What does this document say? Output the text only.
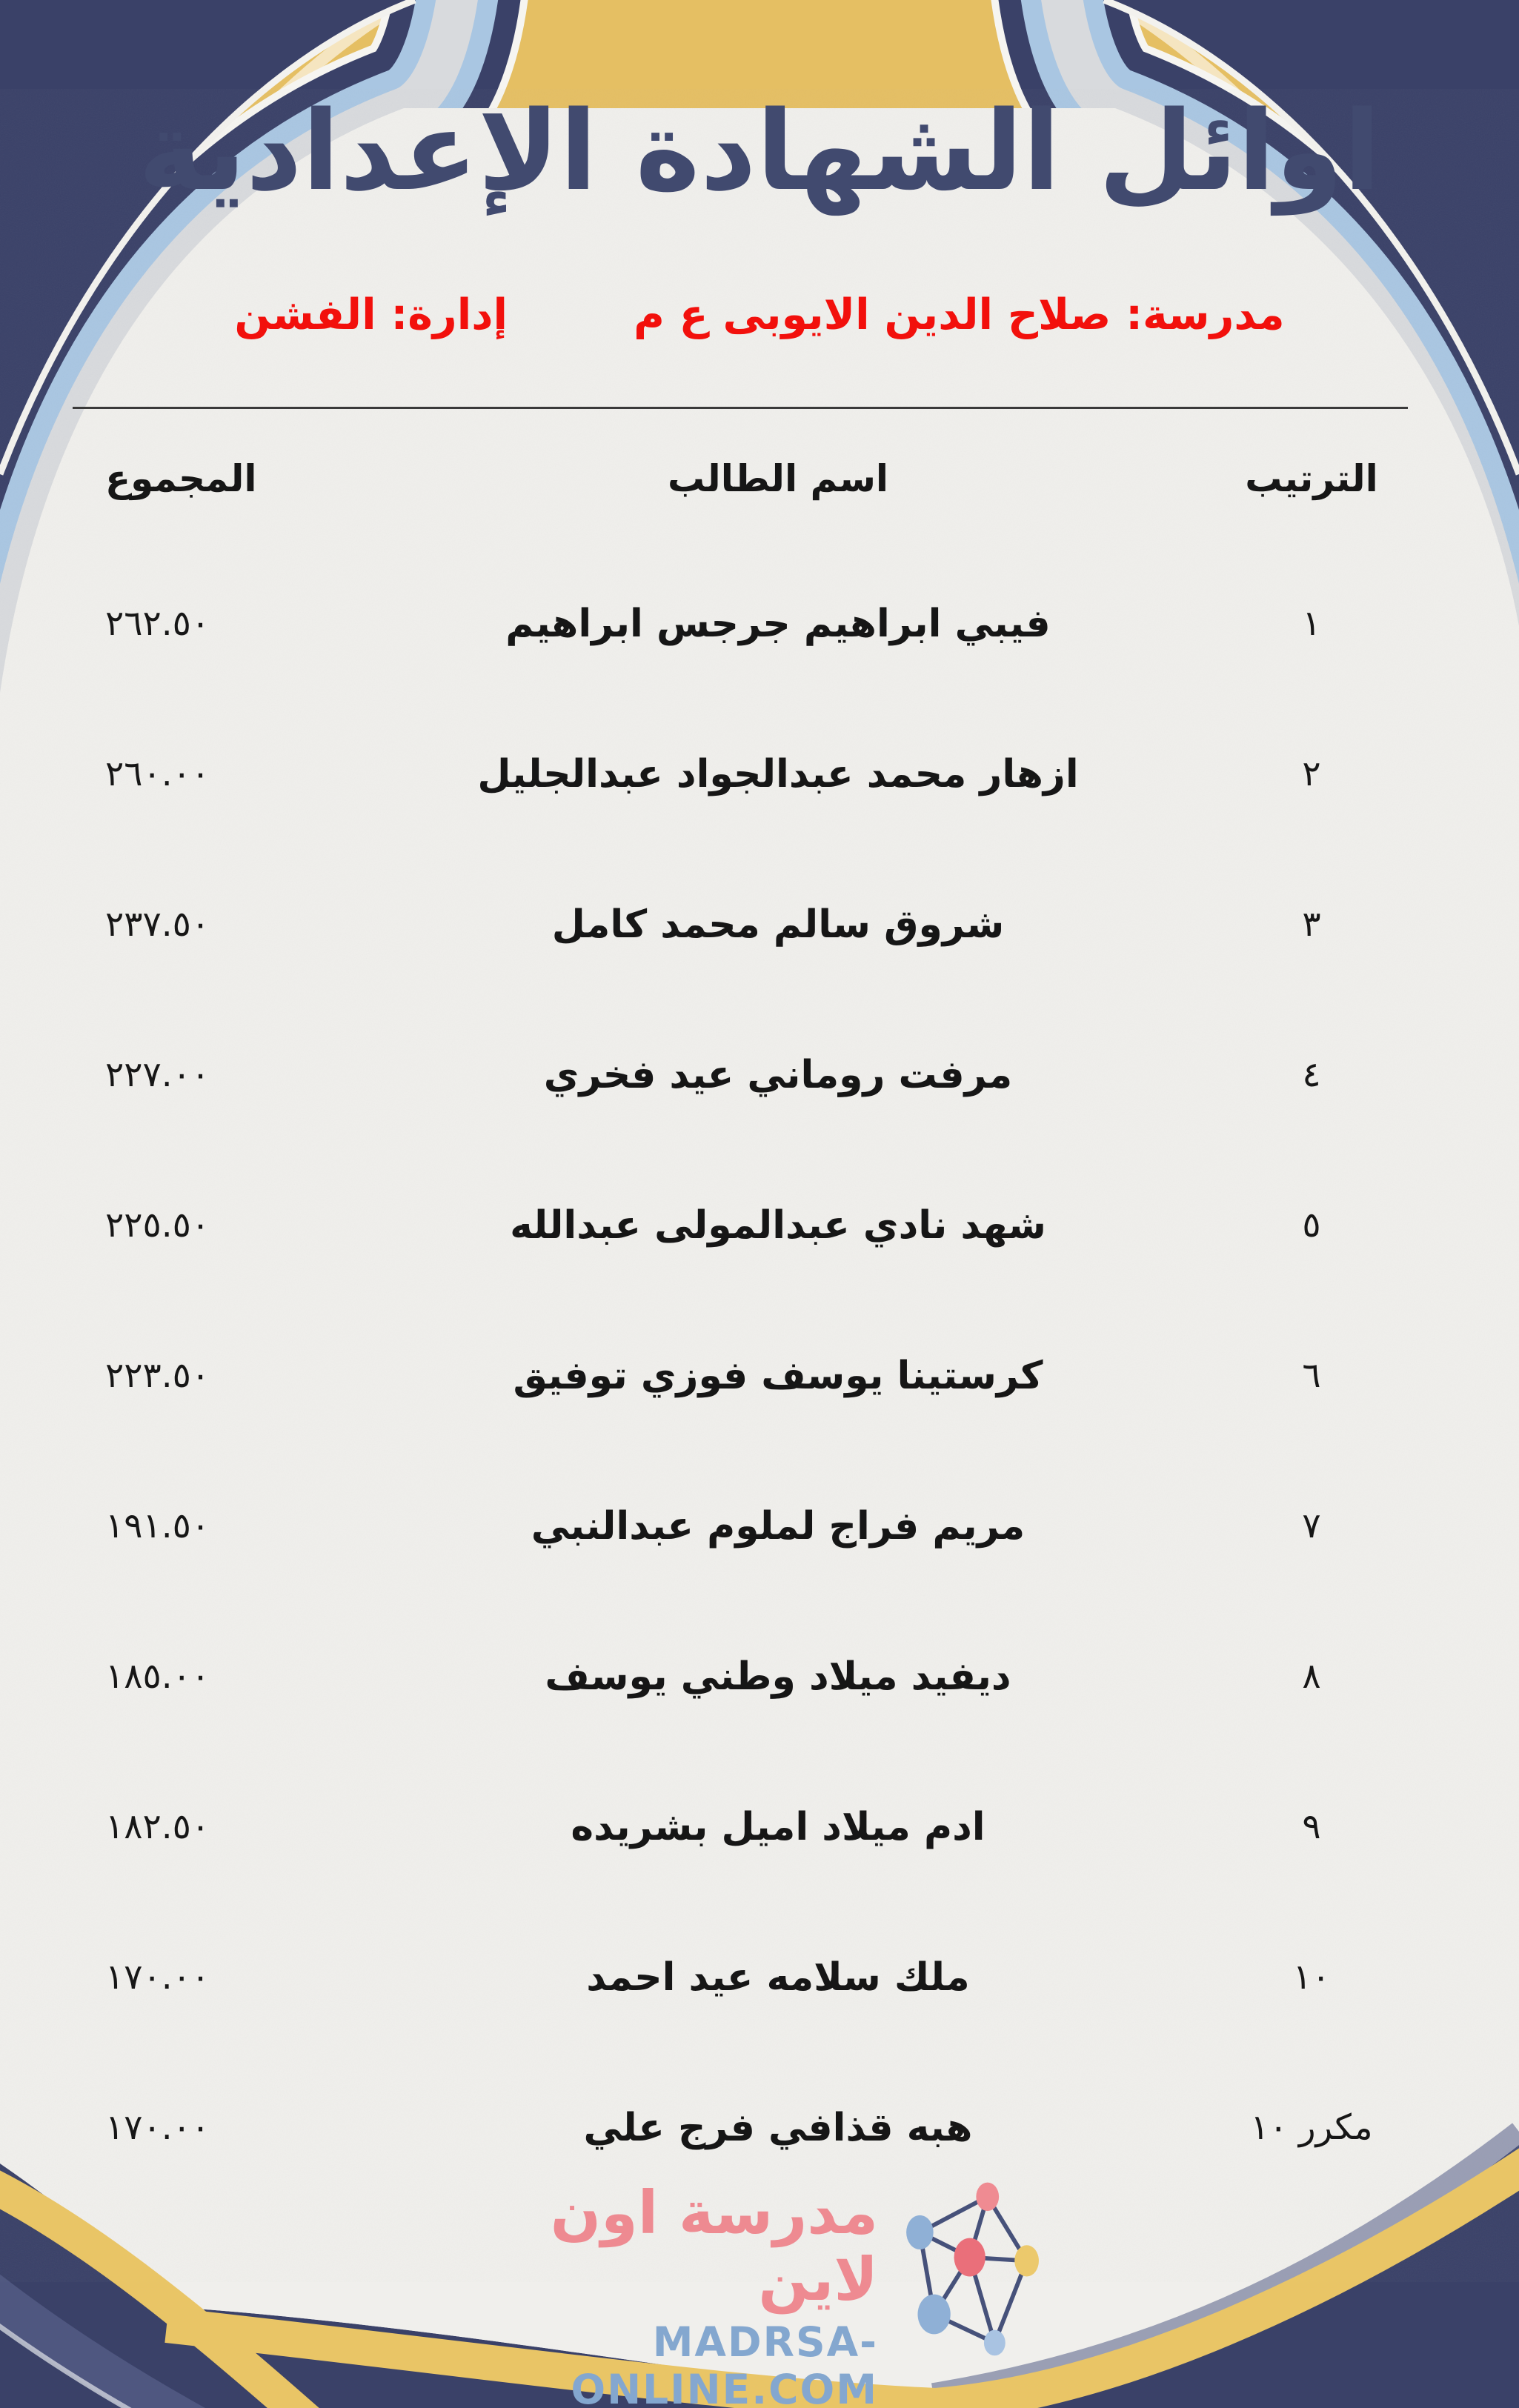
اوائل الشهادة الإعدادية
مدرسة: صلاح الدين الايوبى ع م
إدارة: الفشن
الترتيب
اسم الطالب
المجموع
١
فيبي ابراهيم جرجس ابراهيم
٢٦٢.٥٠
٢
ازهار محمد عبدالجواد عبدالجليل
٢٦٠.٠٠
٣
شروق سالم محمد كامل
٢٣٧.٥٠
٤
مرفت روماني عيد فخري
٢٢٧.٠٠
٥
شهد نادي عبدالمولى عبدالله
٢٢٥.٥٠
٦
كرستينا يوسف فوزي توفيق
٢٢٣.٥٠
٧
مريم فراج لملوم عبدالنبي
١٩١.٥٠
٨
ديفيد ميلاد وطني يوسف
١٨٥.٠٠
٩
ادم ميلاد اميل بشريده
١٨٢.٥٠
١٠
ملك سلامه عيد احمد
١٧٠.٠٠
مكرر ١٠
هبه قذافي فرج علي
١٧٠.٠٠
مدرسة اون لاين
MADRSA-ONLINE.COM
